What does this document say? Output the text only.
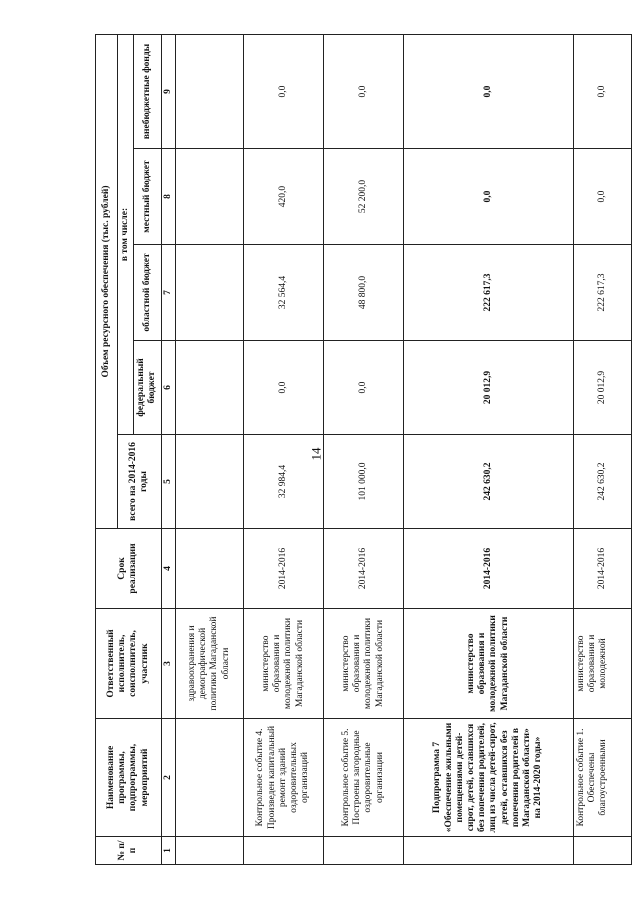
14
№ п/п	Наименование программы, подпрограммы, мероприятий	Ответственный исполнитель, соисполнитель, участник	Срок реализации	Объем ресурсного обеспечения (тыс. рублей)				
				всего на 2014-2016 годы	в том числе:			
					федеральный бюджет	областной бюджет	местный бюджет	внебюджетные фонды
1	2	3	4	5	6	7	8	9
		здравоохранения и демографической политики Магаданской области						
	Контрольное событие 4. Произведен капитальный ремонт зданий оздоровительных организаций	министерство образования и молодежной политики Магаданской области	2014-2016	32 984,4	0,0	32 564,4	420,0	0,0
	Контрольное событие 5. Построены загородные оздоровительные организации	министерство образования и молодежной политики Магаданской области	2014-2016	101 000,0	0,0	48 800,0	52 200,0	0,0
	Подпрограмма 7 «Обеспечение жильными помещениями детей-сирот, детей, оставшихся без попечения родителей, лиц из числа детей-сирот, детей, оставшихся без попечения родителей в Магаданской области» на 2014-2020 годы»	министерство образования и молодежной политики Магаданской области	2014-2016	242 630,2	20 012,9	222 617,3	0,0	0,0
	Контрольное событие 1. Обеспечены благоустроенными	министерство образования и молодежной	2014-2016	242 630,2	20 012,9	222 617,3	0,0	0,0
